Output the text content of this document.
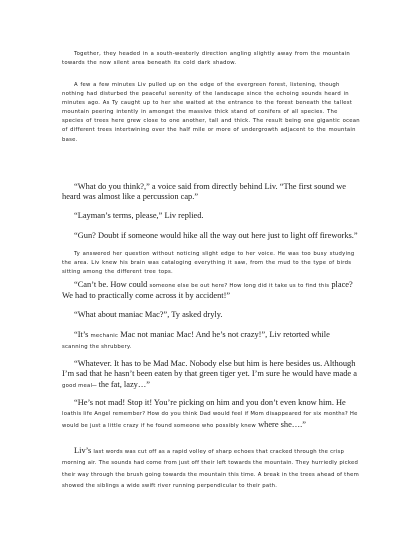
Together, they headed in a south-westerly direction angling slightly away from the mountain towards the now silent area beneath its cold dark shadow.

A few a few minutes Liv pulled up on the edge of the evergreen forest, listening, though nothing had disturbed the peaceful serenity of the landscape since the echoing sounds heard in minutes ago. As Ty caught up to her she waited at the entrance to the forest beneath the tallest mountain peering intently in amongst the massive thick stand of conifers of all species. The species of trees here grew close to one another, tall and thick. The result being one gigantic ocean of different trees intertwining over the half mile or more of undergrowth adjacent to the mountain base.

“What do you think?,” a voice said from directly behind Liv. “The first sound we heard was almost like a percussion cap.”

“Layman’s terms, please,” Liv replied.

“Gun? Doubt if someone would hike all the way out here just to light off fireworks.”

Ty answered her question without noticing slight edge to her voice. He was too busy studying the area. Liv knew his brain was cataloging everything it saw, from the mud to the type of birds sitting among the different tree tops.

“Can’t be. How could someone else be out here? How long did it take us to find this place? We had to practically come across it by accident!”

“What about maniac Mac?”, Ty asked dryly.

“It’s mechanic Mac not maniac Mac! And he’s not crazy!”, Liv retorted while
scanning the shrubbery.

“Whatever. It has to be Mad Mac. Nobody else but him is here besides us. Although I’m sad that he hasn’t been eaten by that green tiger yet. I’m sure he would have made a good meal– the fat, lazy…”

“He’s not mad! Stop it! You’re picking on him and you don’t even know him. He loathis life Angel remember? How do you think Dad would feel if Mom disappeared for six months? He would be just a little crazy if he found someone who possibly knew where she….”

Liv’s last words was cut off as a rapid volley of sharp echoes that cracked through the crisp morning air. The sounds had come from just off their left towards the mountain. They hurriedly picked their way through the brush going towards the mountain this time. A break in the trees ahead of them showed the siblings a wide swift river running perpendicular to their path.
